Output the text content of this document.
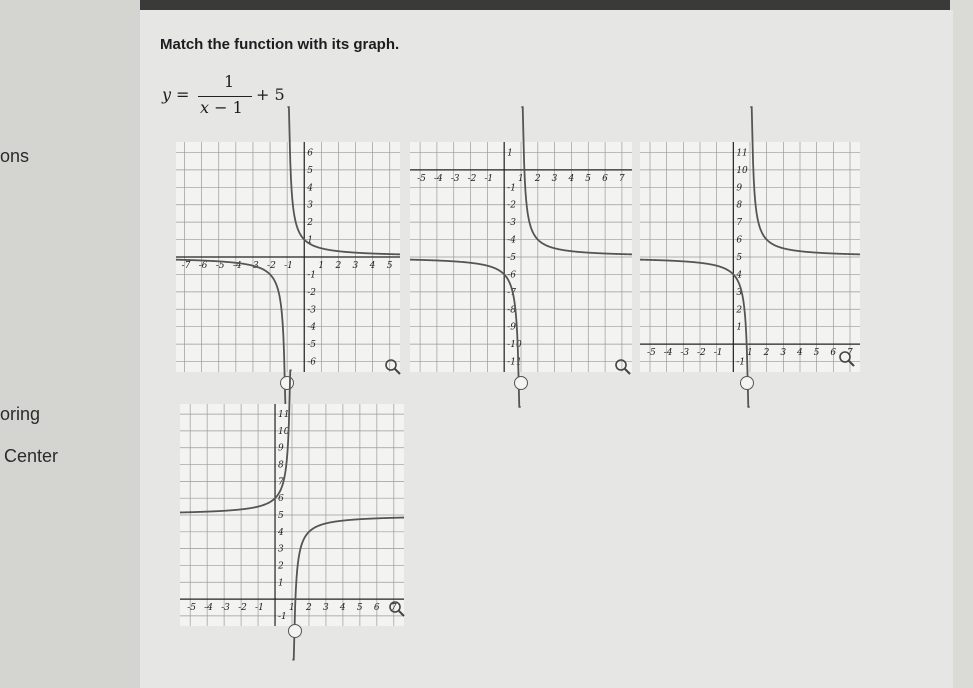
ons
oring
Center
Match the function with its graph.
y =
1
x − 1
+ 5
-7 -6 -5 -4 -3 -2 -1	1 2 3 4 5
6
5
4
3
2
1
-1
-2
-3
-4
-5
-6
-5 -4 -3 -2 -1	1 2 3 4 5 6 7
1
-1
-2
-3
-4
-5
-6
-7
-8
-9
-10
-11
-5 -4 -3 -2 -1	1 2 3 4 5 6 7
11
10
9
8
7
6
5
4
3
2
1
-1
-5 -4 -3 -2 -1	1 2 3 4 5 6 7
11
10
9
8
7
6
5
4
3
2
1
-1
